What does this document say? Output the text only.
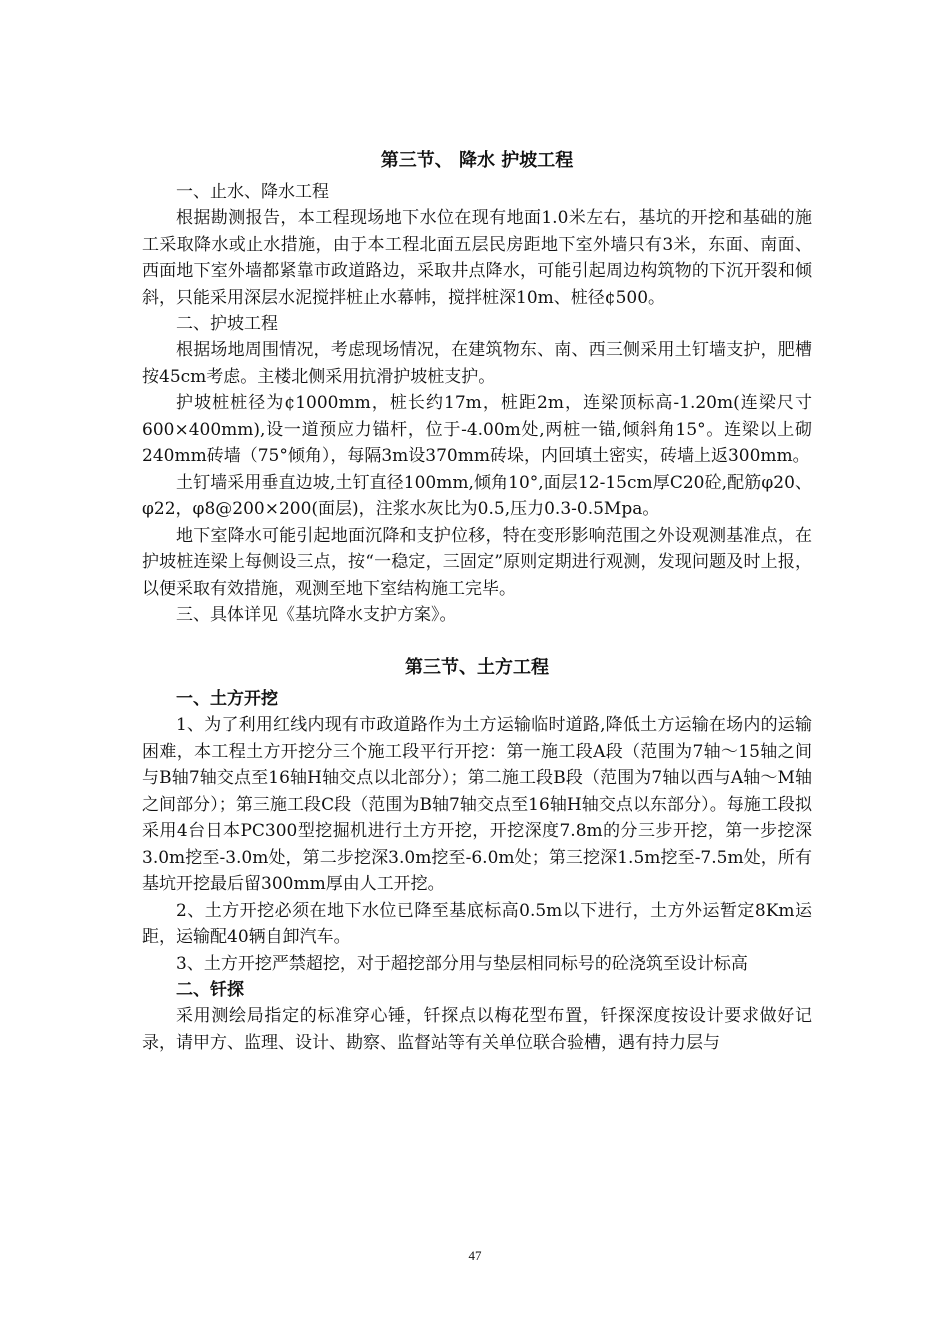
第三节、 降水 护坡工程

一、止水、降水工程

根据勘测报告，本工程现场地下水位在现有地面1.0米左右，基坑的开挖和基础的施工采取降水或止水措施，由于本工程北面五层民房距地下室外墙只有3米，东面、南面、西面地下室外墙都紧靠市政道路边，采取井点降水，可能引起周边构筑物的下沉开裂和倾斜，只能采用深层水泥搅拌桩止水幕帏，搅拌桩深10m、桩径¢500。

二、护坡工程

根据场地周围情况，考虑现场情况，在建筑物东、南、西三侧采用土钉墙支护，肥槽按45cm考虑。主楼北侧采用抗滑护坡桩支护。

护坡桩桩径为¢1000mm，桩长约17m，桩距2m，连梁顶标高-1.20m(连梁尺寸600×400mm),设一道预应力锚杆，位于-4.00m处,两桩一锚,倾斜角15°。连梁以上砌240mm砖墙（75°倾角），每隔3m设370mm砖垛，内回填土密实，砖墙上返300mm。

土钉墙采用垂直边坡,土钉直径100mm,倾角10°,面层12-15cm厚C20砼,配筋φ20、φ22，φ8@200×200(面层)，注浆水灰比为0.5,压力0.3-0.5Mpa。

地下室降水可能引起地面沉降和支护位移，特在变形影响范围之外设观测基准点，在护坡桩连梁上每侧设三点，按“一稳定，三固定”原则定期进行观测，发现问题及时上报，以便采取有效措施，观测至地下室结构施工完毕。

三、具体详见《基坑降水支护方案》。

第三节、土方工程

一、土方开挖

1、为了利用红线内现有市政道路作为土方运输临时道路,降低土方运输在场内的运输困难，本工程土方开挖分三个施工段平行开挖：第一施工段A段（范围为7轴～15轴之间与B轴7轴交点至16轴H轴交点以北部分）；第二施工段B段（范围为7轴以西与A轴～M轴之间部分）；第三施工段C段（范围为B轴7轴交点至16轴H轴交点以东部分）。每施工段拟采用4台日本PC300型挖掘机进行土方开挖，开挖深度7.8m的分三步开挖，第一步挖深3.0m挖至-3.0m处，第二步挖深3.0m挖至-6.0m处；第三挖深1.5m挖至-7.5m处，所有基坑开挖最后留300mm厚由人工开挖。

2、土方开挖必须在地下水位已降至基底标高0.5m以下进行，土方外运暂定8Km运距，运输配40辆自卸汽车。

3、土方开挖严禁超挖，对于超挖部分用与垫层相同标号的砼浇筑至设计标高

二、钎探

采用测绘局指定的标准穿心锤，钎探点以梅花型布置，钎探深度按设计要求做好记录，请甲方、监理、设计、勘察、监督站等有关单位联合验槽，遇有持力层与

47
